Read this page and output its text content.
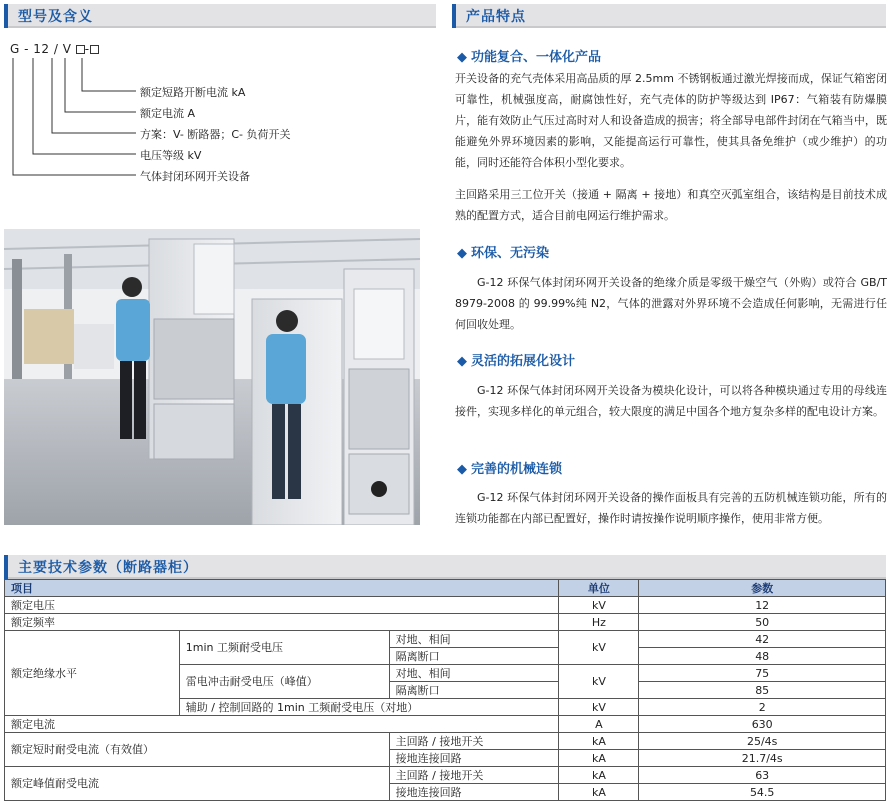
型号及含义	产品特点
G - 12 / V -
额定短路开断电流 kA
额定电流 A
方案：V- 断路器；C- 负荷开关
电压等级 kV
气体封闭环网开关设备
◆ 功能复合、一体化产品
开关设备的充气壳体采用高品质的厚 2.5mm 不锈钢板通过激光焊接而成，保证气箱密闭可靠性，机械强度高，耐腐蚀性好，充气壳体的防护等级达到 IP67：气箱装有防爆膜片，能有效防止气压过高时对人和设备造成的损害；将全部导电部件封闭在气箱当中，既能避免外界环境因素的影响，又能提高运行可靠性，使其具备免维护（或少维护）的功能，同时还能符合体积小型化要求。
主回路采用三工位开关（接通 + 隔离 + 接地）和真空灭弧室组合，该结构是目前技术成熟的配置方式，适合目前电网运行维护需求。
◆ 环保、无污染
G-12 环保气体封闭环网开关设备的绝缘介质是零级干燥空气（外购）或符合 GB/T 8979-2008 的 99.99%纯 N2，气体的泄露对外界环境不会造成任何影响，无需进行任何回收处理。
◆ 灵活的拓展化设计
G-12 环保气体封闭环网开关设备为模块化设计，可以将各种模块通过专用的母线连接件，实现多样化的单元组合，较大限度的满足中国各个地方复杂多样的配电设计方案。
◆ 完善的机械连锁
G-12 环保气体封闭环网开关设备的操作面板具有完善的五防机械连锁功能，所有的连锁功能都在内部已配置好，操作时请按操作说明顺序操作，使用非常方便。
主要技术参数（断路器柜）
项目			单位	参数
额定电压			kV	12
额定频率			Hz	50
额定绝缘水平	1min 工频耐受电压	对地、相间	kV	42
		隔离断口		48
	雷电冲击耐受电压（峰值）	对地、相间	kV	75
		隔离断口		85
	辅助 / 控制回路的 1min 工频耐受电压（对地）		kV	2
额定电流			A	630
额定短时耐受电流（有效值）		主回路 / 接地开关	kA	25/4s
		接地连接回路	kA	21.7/4s
额定峰值耐受电流		主回路 / 接地开关	kA	63
		接地连接回路	kA	54.5
